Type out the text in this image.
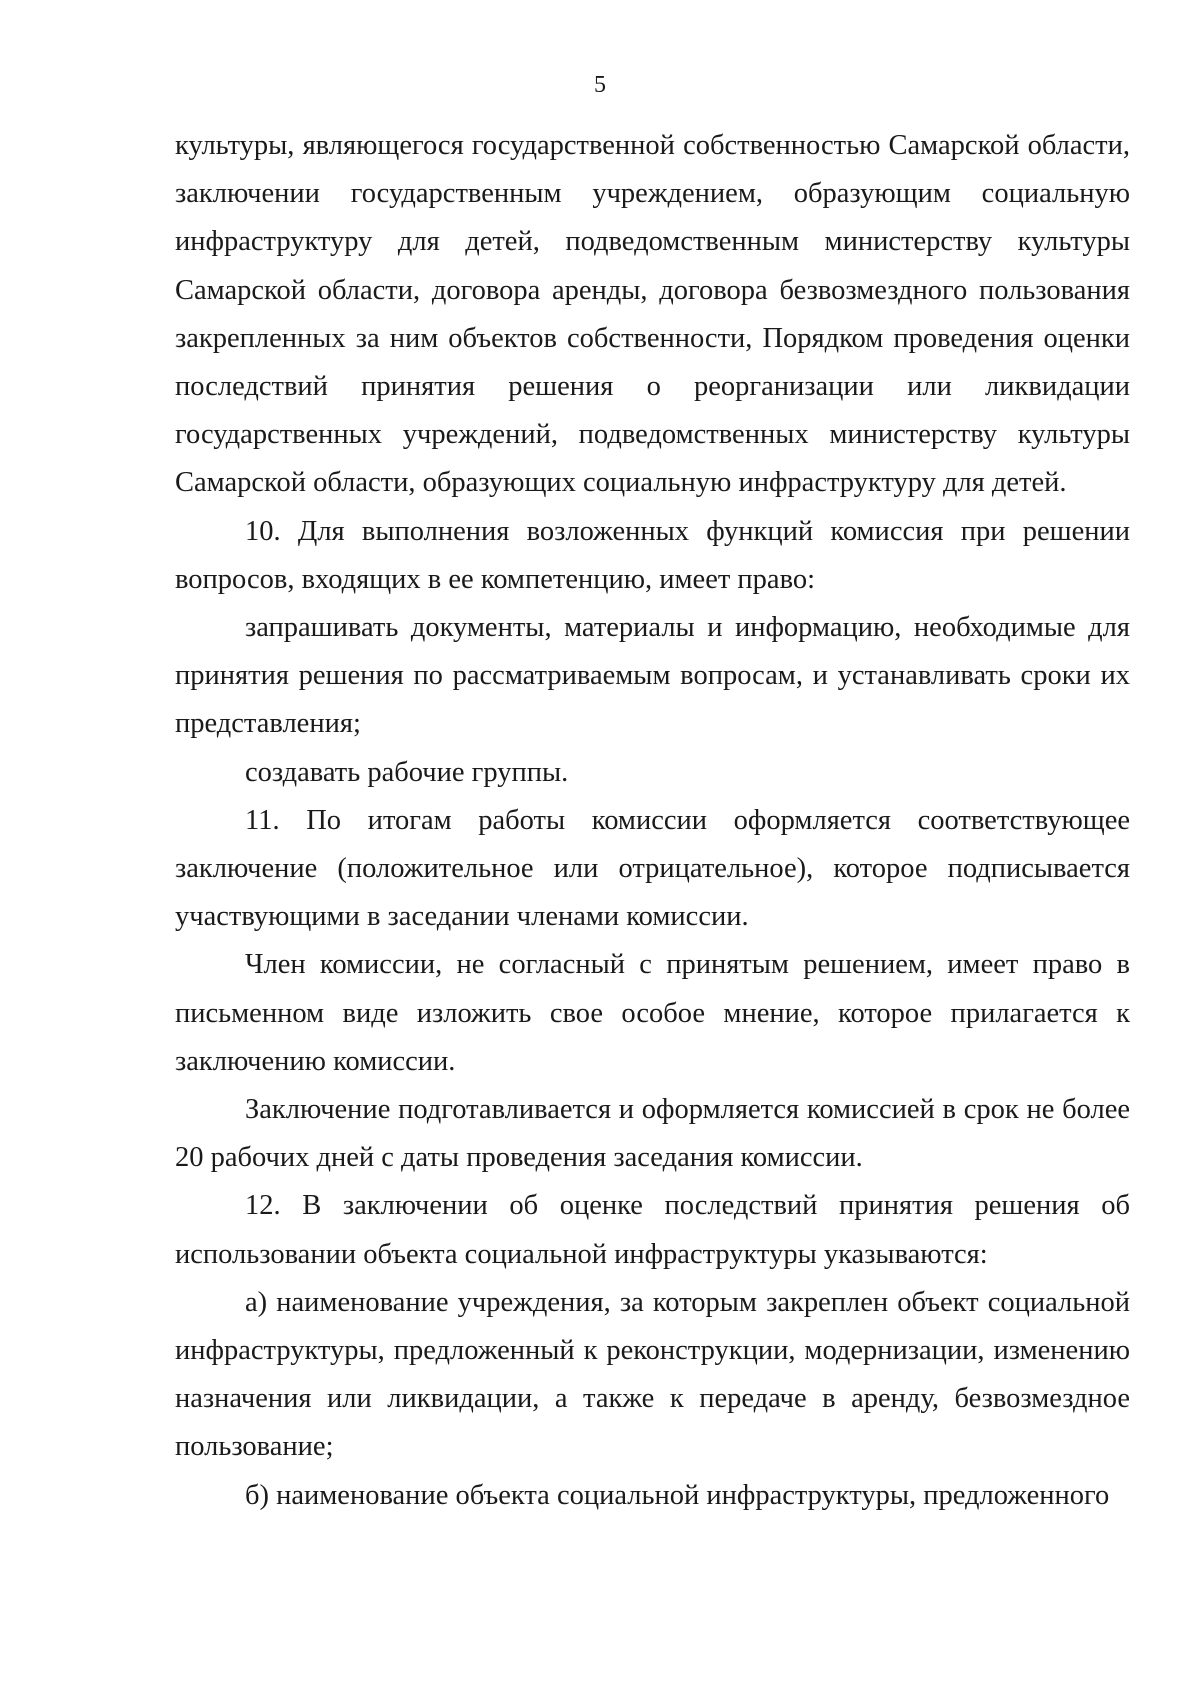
5

культуры, являющегося государственной собственностью Самарской области, заключении государственным учреждением, образующим социальную инфраструктуру для детей, подведомственным министерству культуры Самарской области, договора аренды, договора безвозмездного пользования закрепленных за ним объектов собственности, Порядком проведения оценки последствий принятия решения о реорганизации или ликвидации государственных учреждений, подведомственных министерству культуры Самарской области, образующих социальную инфраструктуру для детей.

10. Для выполнения возложенных функций комиссия при решении вопросов, входящих в ее компетенцию, имеет право:

запрашивать документы, материалы и информацию, необходимые для принятия решения по рассматриваемым вопросам, и устанавливать сроки их представления;

создавать рабочие группы.

11. По итогам работы комиссии оформляется соответствующее заключение (положительное или отрицательное), которое подписывается участвующими в заседании членами комиссии.

Член комиссии, не согласный с принятым решением, имеет право в письменном виде изложить свое особое мнение, которое прилагается к заключению комиссии.

Заключение подготавливается и оформляется комиссией в срок не более 20 рабочих дней с даты проведения заседания комиссии.

12. В заключении об оценке последствий принятия решения об использовании объекта социальной инфраструктуры указываются:

а) наименование учреждения, за которым закреплен объект социальной инфраструктуры, предложенный к реконструкции, модернизации, изменению назначения или ликвидации, а также к передаче в аренду, безвозмездное пользование;

б) наименование объекта социальной инфраструктуры, предложенного
